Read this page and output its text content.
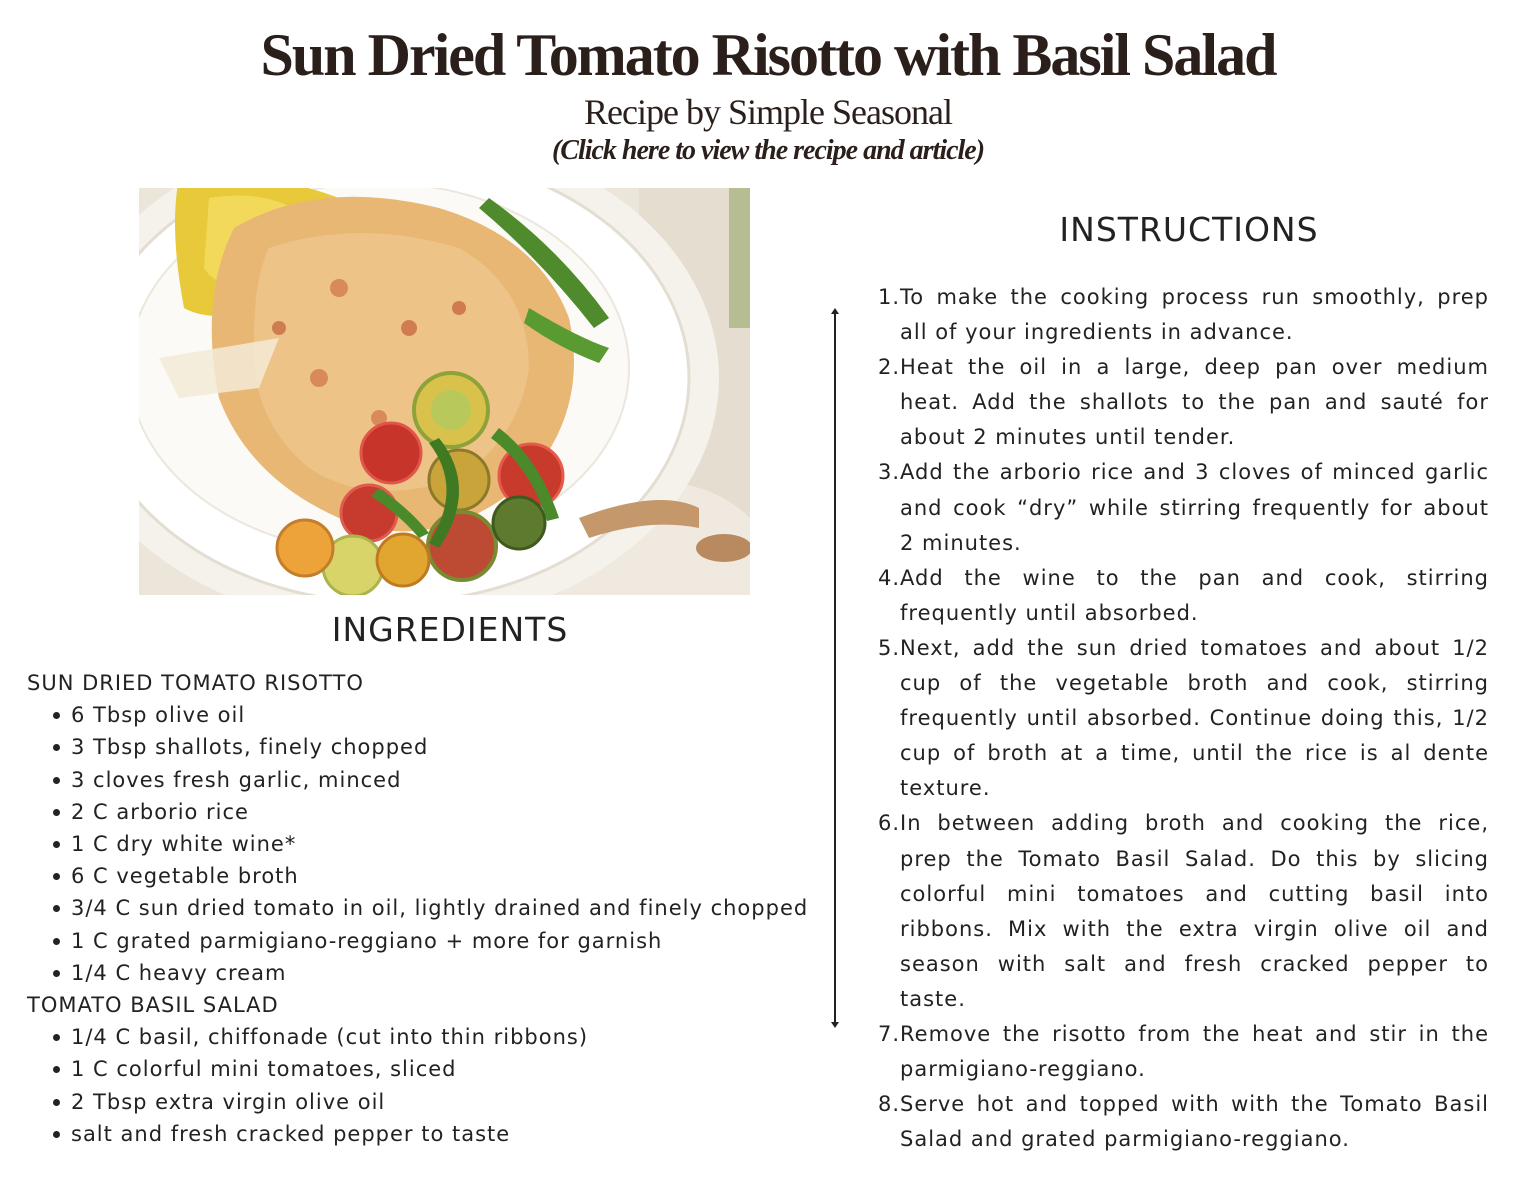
Sun Dried Tomato Risotto with Basil Salad
Recipe by Simple Seasonal
(Click here to view the recipe and article)
INGREDIENTS
SUN DRIED TOMATO RISOTTO
6 Tbsp olive oil
3 Tbsp shallots, finely chopped
3 cloves fresh garlic, minced
2 C arborio rice
1 C dry white wine*
6 C vegetable broth
3/4 C sun dried tomato in oil, lightly drained and finely chopped
1 C grated parmigiano-reggiano + more for garnish
1/4 C heavy cream
TOMATO BASIL SALAD
1/4 C basil, chiffonade (cut into thin ribbons)
1 C colorful mini tomatoes, sliced
2 Tbsp extra virgin olive oil
salt and fresh cracked pepper to taste
INSTRUCTIONS
1. To make the cooking process run smoothly, prep all of your ingredients in advance.
2. Heat the oil in a large, deep pan over medium heat. Add the shallots to the pan and sauté for about 2 minutes until tender.
3. Add the arborio rice and 3 cloves of minced garlic and cook “dry” while stirring frequently for about 2 minutes.
4. Add the wine to the pan and cook, stirring frequently until absorbed.
5. Next, add the sun dried tomatoes and about 1/2 cup of the vegetable broth and cook, stirring frequently until absorbed. Continue doing this, 1/2 cup of broth at a time, until the rice is al dente texture.
6. In between adding broth and cooking the rice, prep the Tomato Basil Salad. Do this by slicing colorful mini tomatoes and cutting basil into ribbons. Mix with the extra virgin olive oil and season with salt and fresh cracked pepper to taste.
7. Remove the risotto from the heat and stir in the parmigiano-reggiano.
8. Serve hot and topped with with the Tomato Basil Salad and grated parmigiano-reggiano.
